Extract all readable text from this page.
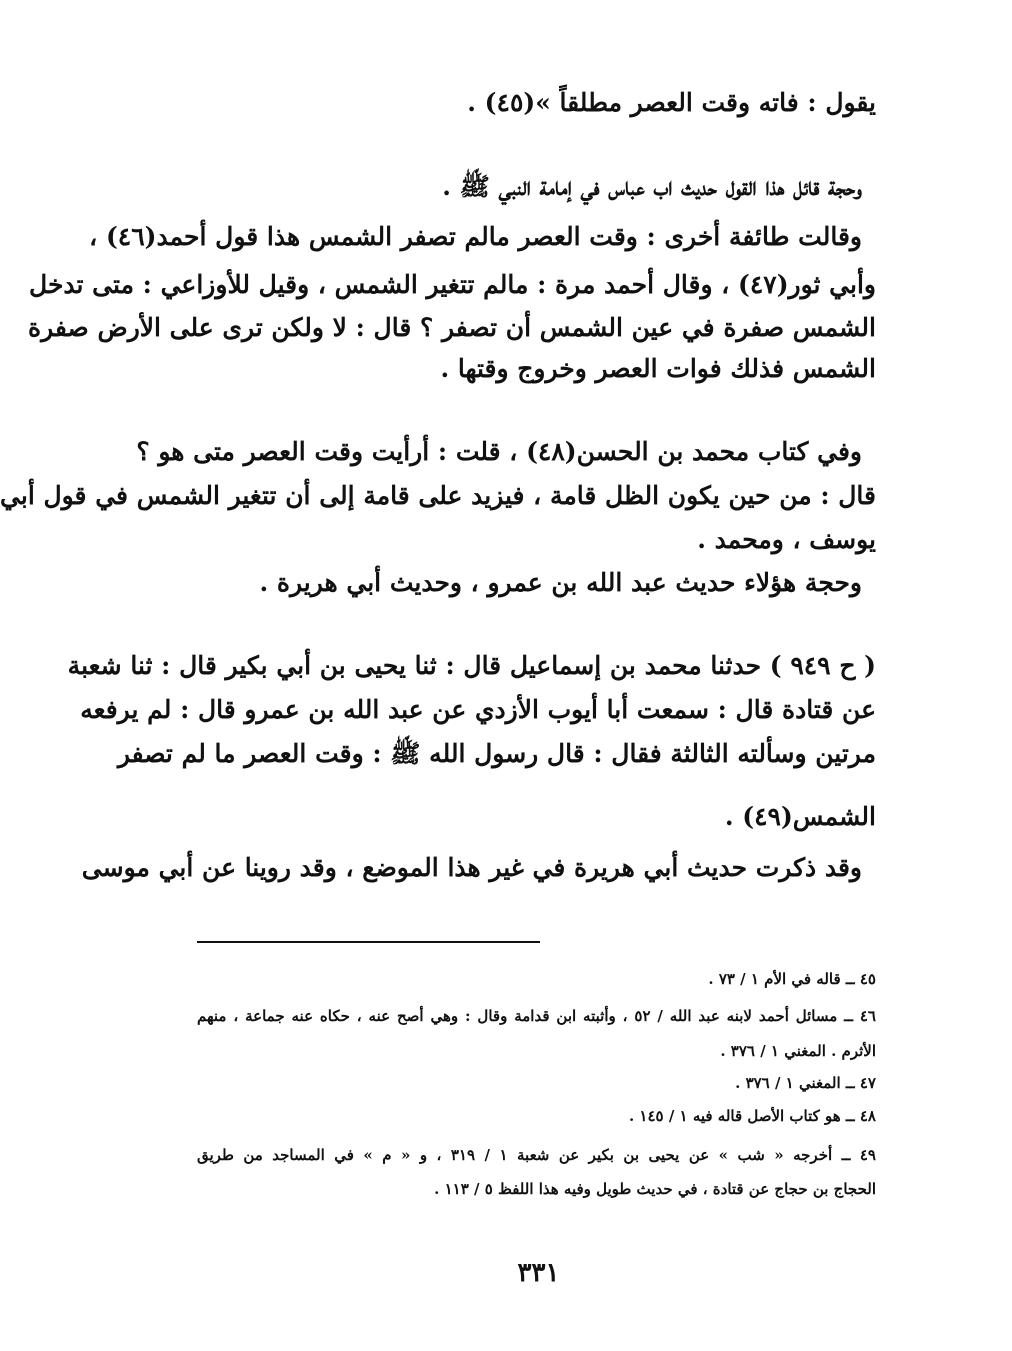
يقول : فاته وقت العصر مطلقاً »(٤٥) .
وحجة قائل هذا القول حديث اب عباس في إمامة النبي ﷺ .
وقالت طائفة أخرى : وقت العصر مالم تصفر الشمس هذا قول أحمد(٤٦) ،
وأبي ثور(٤٧) ، وقال أحمد مرة : مالم تتغير الشمس ، وقيل للأوزاعي : متى تدخل
الشمس صفرة في عين الشمس أن تصفر ؟ قال : لا ولكن ترى على الأرض صفرة
الشمس فذلك فوات العصر وخروج وقتها .
وفي كتاب محمد بن الحسن(٤٨) ، قلت : أرأيت وقت العصر متى هو ؟
قال : من حين يكون الظل قامة ، فيزيد على قامة إلى أن تتغير الشمس في قول أبي
يوسف ، ومحمد .
وحجة هؤلاء حديث عبد الله بن عمرو ، وحديث أبي هريرة .
( ح ٩٤٩ ) حدثنا محمد بن إسماعيل قال : ثنا يحيى بن أبي بكير قال : ثنا شعبة
عن قتادة قال : سمعت أبا أيوب الأزدي عن عبد الله بن عمرو قال : لم يرفعه
مرتين وسألته الثالثة فقال : قال رسول الله ﷺ : وقت العصر ما لم تصفر
الشمس(٤٩) .
وقد ذكرت حديث أبي هريرة في غير هذا الموضع ، وقد روينا عن أبي موسى
٤٥ ــ قاله في الأم ١ / ٧٣ .
٤٦ ــ مسائل أحمد لابنه عبد الله / ٥٢ ، وأثبته ابن قدامة وقال : وهي أصح عنه ، حكاه عنه جماعة ، منهم
الأثرم . المغني ١ / ٣٧٦ .
٤٧ ــ المغني ١ / ٣٧٦ .
٤٨ ــ هو كتاب الأصل قاله فيه ١ / ١٤٥ .
٤٩ ــ أخرجه « شب » عن يحيى بن بكير عن شعبة ١ / ٣١٩ ، و « م » في المساجد من طريق
الحجاج بن حجاج عن قتادة ، في حديث طويل وفيه هذا اللفظ ٥ / ١١٣ .
٣٣١
